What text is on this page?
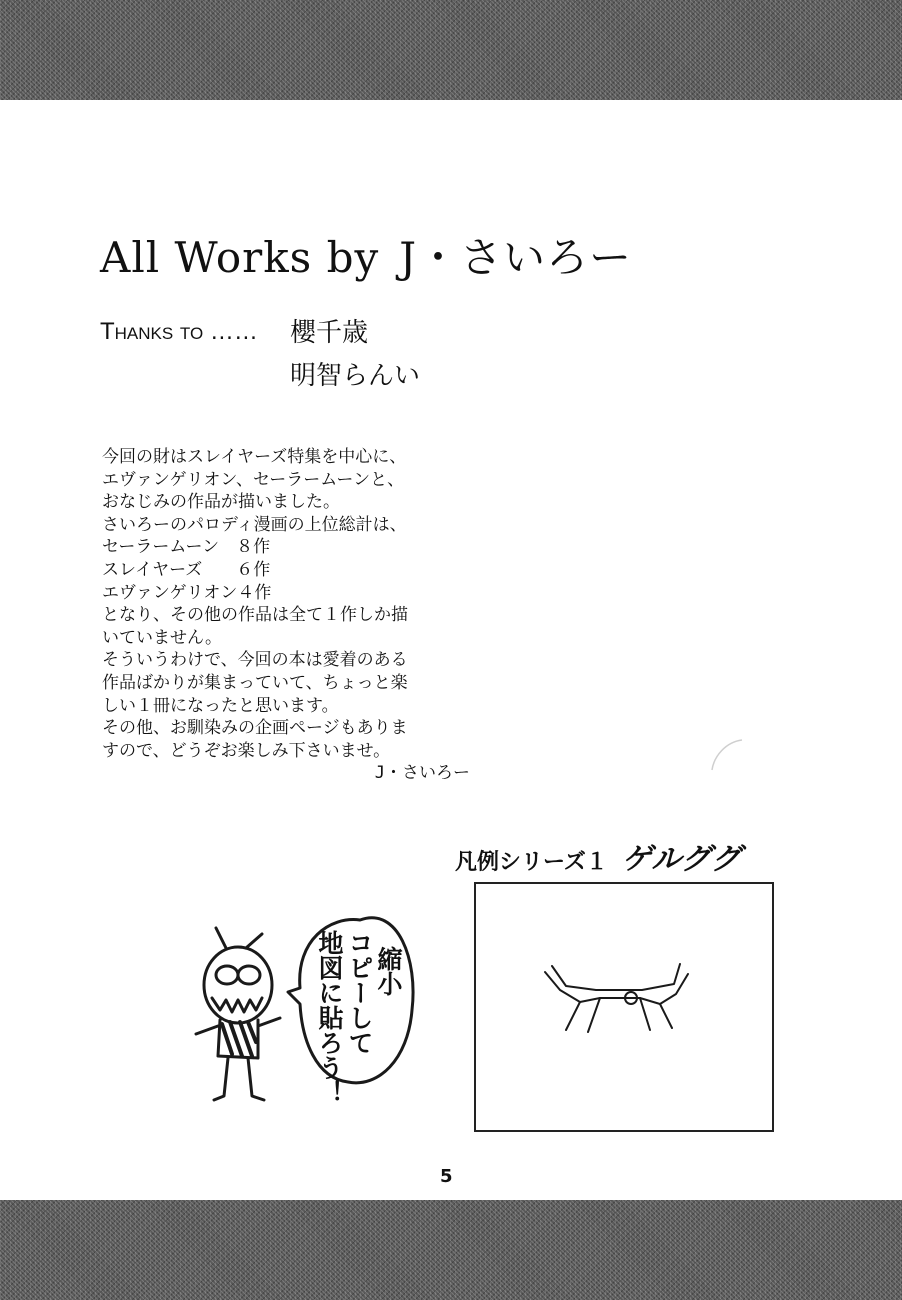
All Works by J・さいろー
Thanks to …… 櫻千歳
明智らんい
今回の財はスレイヤーズ特集を中心に、
エヴァンゲリオン、セーラームーンと、
おなじみの作品が描いました。
さいろーのパロディ漫画の上位総計は、
セーラームーン　８作
スレイヤーズ　　６作
エヴァンゲリオン４作
となり、その他の作品は全て１作しか描
いていません。
そういうわけで、今回の本は愛着のある
作品ばかりが集まっていて、ちょっと楽
しい１冊になったと思います。
その他、お馴染みの企画ページもありま
すので、どうぞお楽しみ下さいませ。
J・さいろー
凡例シリーズ１ ゲルググ
縮小
コピーして
地図に貼ろう！
5
